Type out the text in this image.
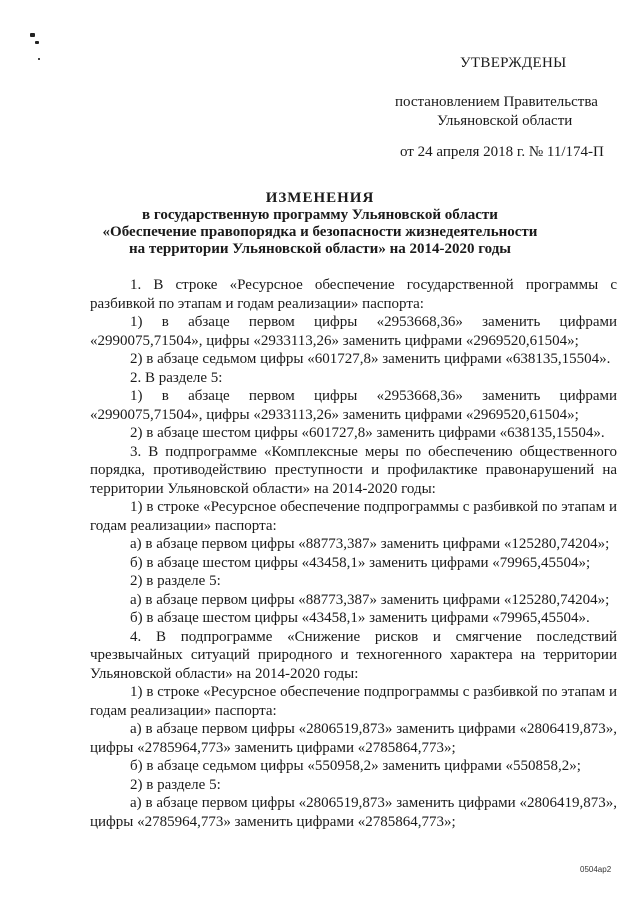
УТВЕРЖДЕНЫ
постановлением Правительства
Ульяновской области
от 24 апреля 2018 г. № 11/174-П
ИЗМЕНЕНИЯ
в государственную программу Ульяновской области
«Обеспечение правопорядка и безопасности жизнедеятельности
на территории Ульяновской области» на 2014-2020 годы
1. В строке «Ресурсное обеспечение государственной программы с разбивкой по этапам и годам реализации» паспорта:
1) в абзаце первом цифры «2953668,36» заменить цифрами «2990075,71504», цифры «2933113,26» заменить цифрами «2969520,61504»;
2) в абзаце седьмом цифры «601727,8» заменить цифрами «638135,15504».
2. В разделе 5:
1) в абзаце первом цифры «2953668,36» заменить цифрами «2990075,71504», цифры «2933113,26» заменить цифрами «2969520,61504»;
2) в абзаце шестом цифры «601727,8» заменить цифрами «638135,15504».
3. В подпрограмме «Комплексные меры по обеспечению общественного порядка, противодействию преступности и профилактике правонарушений на территории Ульяновской области» на 2014-2020 годы:
1) в строке «Ресурсное обеспечение подпрограммы с разбивкой по этапам и годам реализации» паспорта:
а) в абзаце первом цифры «88773,387» заменить цифрами «125280,74204»;
б) в абзаце шестом цифры «43458,1» заменить цифрами «79965,45504»;
2) в разделе 5:
а) в абзаце первом цифры «88773,387» заменить цифрами «125280,74204»;
б) в абзаце шестом цифры «43458,1» заменить цифрами «79965,45504».
4. В подпрограмме «Снижение рисков и смягчение последствий чрезвычайных ситуаций природного и техногенного характера на территории Ульяновской области» на 2014-2020 годы:
1) в строке «Ресурсное обеспечение подпрограммы с разбивкой по этапам и годам реализации» паспорта:
а) в абзаце первом цифры «2806519,873» заменить цифрами «2806419,873», цифры «2785964,773» заменить цифрами «2785864,773»;
б) в абзаце седьмом цифры «550958,2» заменить цифрами «550858,2»;
2) в разделе 5:
а) в абзаце первом цифры «2806519,873» заменить цифрами «2806419,873», цифры «2785964,773» заменить цифрами «2785864,773»;
0504ap2
